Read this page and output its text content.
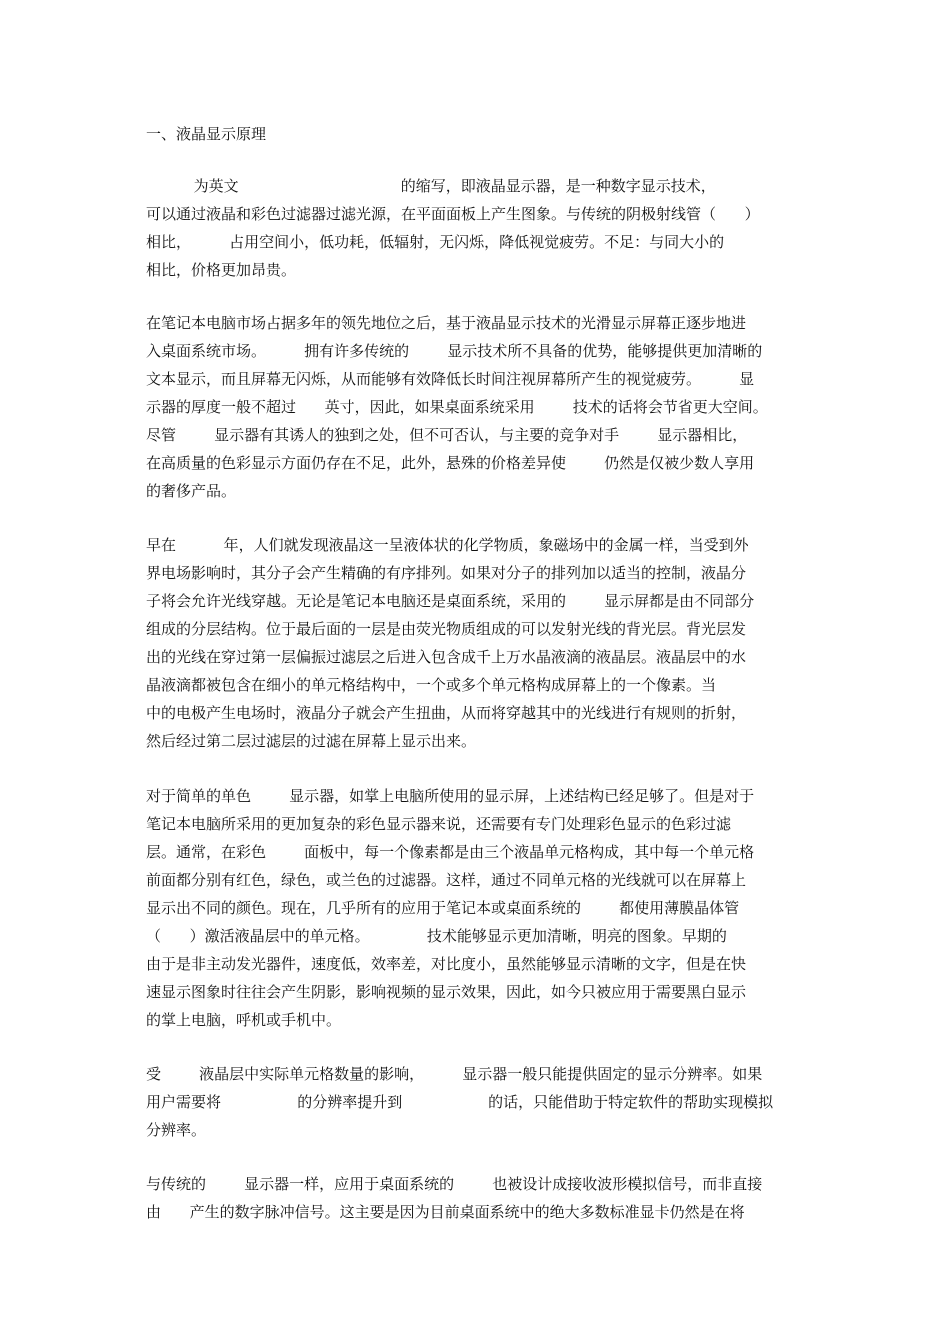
一、液晶显示原理
为英文                                  的缩写，即液晶显示器，是一种数字显示技术，
可以通过液晶和彩色过滤器过滤光源，在平面面板上产生图象。与传统的阴极射线管（      ）
相比，        占用空间小，低功耗，低辐射，无闪烁，降低视觉疲劳。不足：与同大小的
相比，价格更加昂贵。
在笔记本电脑市场占据多年的领先地位之后，基于液晶显示技术的光滑显示屏幕正逐步地进
入桌面系统市场。        拥有许多传统的        显示技术所不具备的优势，能够提供更加清晰的
文本显示，而且屏幕无闪烁，从而能够有效降低长时间注视屏幕所产生的视觉疲劳。        显
示器的厚度一般不超过      英寸，因此，如果桌面系统采用        技术的话将会节省更大空间。
尽管        显示器有其诱人的独到之处，但不可否认，与主要的竞争对手        显示器相比，
在高质量的色彩显示方面仍存在不足，此外，悬殊的价格差异使        仍然是仅被少数人享用
的奢侈产品。
早在          年，人们就发现液晶这一呈液体状的化学物质，象磁场中的金属一样，当受到外
界电场影响时，其分子会产生精确的有序排列。如果对分子的排列加以适当的控制，液晶分
子将会允许光线穿越。无论是笔记本电脑还是桌面系统，采用的        显示屏都是由不同部分
组成的分层结构。位于最后面的一层是由荧光物质组成的可以发射光线的背光层。背光层发
出的光线在穿过第一层偏振过滤层之后进入包含成千上万水晶液滴的液晶层。液晶层中的水
晶液滴都被包含在细小的单元格结构中，一个或多个单元格构成屏幕上的一个像素。当
中的电极产生电场时，液晶分子就会产生扭曲，从而将穿越其中的光线进行有规则的折射，
然后经过第二层过滤层的过滤在屏幕上显示出来。
对于简单的单色        显示器，如掌上电脑所使用的显示屏，上述结构已经足够了。但是对于
笔记本电脑所采用的更加复杂的彩色显示器来说，还需要有专门处理彩色显示的色彩过滤
层。通常，在彩色        面板中，每一个像素都是由三个液晶单元格构成，其中每一个单元格
前面都分别有红色，绿色，或兰色的过滤器。这样，通过不同单元格的光线就可以在屏幕上
显示出不同的颜色。现在，几乎所有的应用于笔记本或桌面系统的        都使用薄膜晶体管
（      ）激活液晶层中的单元格。            技术能够显示更加清晰，明亮的图象。早期的
由于是非主动发光器件，速度低，效率差，对比度小，虽然能够显示清晰的文字，但是在快
速显示图象时往往会产生阴影，影响视频的显示效果，因此，如今只被应用于需要黑白显示
的掌上电脑，呼机或手机中。
受        液晶层中实际单元格数量的影响，        显示器一般只能提供固定的显示分辨率。如果
用户需要将                的分辨率提升到                  的话，只能借助于特定软件的帮助实现模拟
分辨率。
与传统的        显示器一样，应用于桌面系统的        也被设计成接收波形模拟信号，而非直接
由      产生的数字脉冲信号。这主要是因为目前桌面系统中的绝大多数标准显卡仍然是在将
